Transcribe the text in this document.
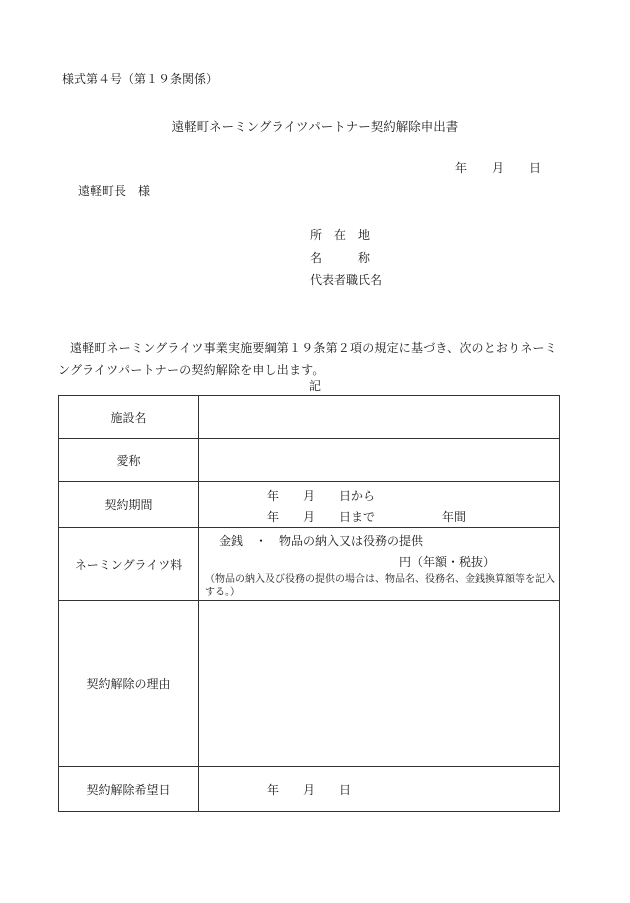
様式第４号（第１９条関係）
遠軽町ネーミングライツパートナー契約解除申出書
年 月 日
遠軽町長　様
所　在　地
名　　　称
代表者職氏名
遠軽町ネーミングライツ事業実施要綱第１９条第２項の規定に基づき、次のとおりネーミングライツパートナーの契約解除を申し出ます。
記
施設名	
愛称	
契約期間	年　　月　　日から
年　　月　　日まで 年間

ネーミングライツ料	金銭　・　物品の納入又は役務の提供
円（年額・税抜）
（物品の納入及び役務の提供の場合は、物品名、役務名、金銭換算額等を記入する。）

契約解除の理由	
契約解除希望日	年　　月　　日
